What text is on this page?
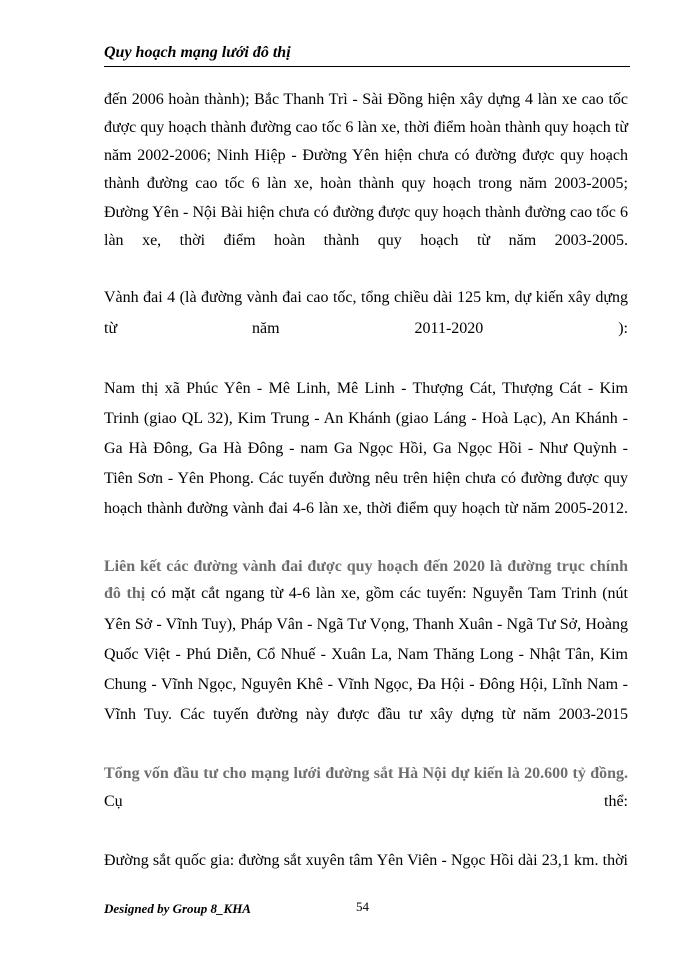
Quy hoạch mạng lưới đô thị
đến 2006 hoàn thành); Bắc Thanh Trì - Sài Đồng hiện xây dựng 4 làn xe cao tốc
được quy hoạch thành đường cao tốc 6 làn xe, thời điểm hoàn thành quy hoạch từ
năm 2002-2006; Ninh Hiệp - Đường Yên hiện chưa có đường được quy hoạch
thành đường cao tốc 6 làn xe, hoàn thành quy hoạch trong năm 2003-2005;
Đường Yên - Nội Bài hiện chưa có đường được quy hoạch thành đường cao tốc 6
làn xe, thời điểm hoàn thành quy hoạch từ năm 2003-2005.
Vành đai 4 (là đường vành đai cao tốc, tổng chiều dài 125 km, dự kiến xây dựng
từ năm 2011-2020 ):
Nam thị xã Phúc Yên - Mê Linh, Mê Linh - Thượng Cát, Thượng Cát - Kim
Trinh (giao QL 32), Kim Trung - An Khánh (giao Láng - Hoà Lạc), An Khánh -
Ga Hà Đông, Ga Hà Đông - nam Ga Ngọc Hồi, Ga Ngọc Hồi - Như Quỳnh -
Tiên Sơn - Yên Phong. Các tuyến đường nêu trên hiện chưa có đường được quy
hoạch thành đường vành đai 4-6 làn xe, thời điểm quy hoạch từ năm 2005-2012.
Liên kết các đường vành đai được quy hoạch đến 2020 là đường trục chính
đô thị có mặt cắt ngang từ 4-6 làn xe, gồm các tuyến: Nguyễn Tam Trinh (nút
Yên Sở - Vĩnh Tuy), Pháp Vân - Ngã Tư Vọng, Thanh Xuân - Ngã Tư Sở, Hoàng
Quốc Việt - Phú Diễn, Cổ Nhuế - Xuân La, Nam Thăng Long - Nhật Tân, Kim
Chung - Vĩnh Ngọc, Nguyên Khê - Vĩnh Ngọc, Đa Hội - Đông Hội, Lĩnh Nam -
Vĩnh Tuy. Các tuyến đường này được đầu tư xây dựng từ năm 2003-2015
Tổng vốn đầu tư cho mạng lưới đường sắt Hà Nội dự kiến là 20.600 tỷ đồng.
Cụ thể:
Đường sắt quốc gia: đường sắt xuyên tâm Yên Viên - Ngọc Hồi dài 23,1 km. thời
Designed by Group 8_KHA	54
